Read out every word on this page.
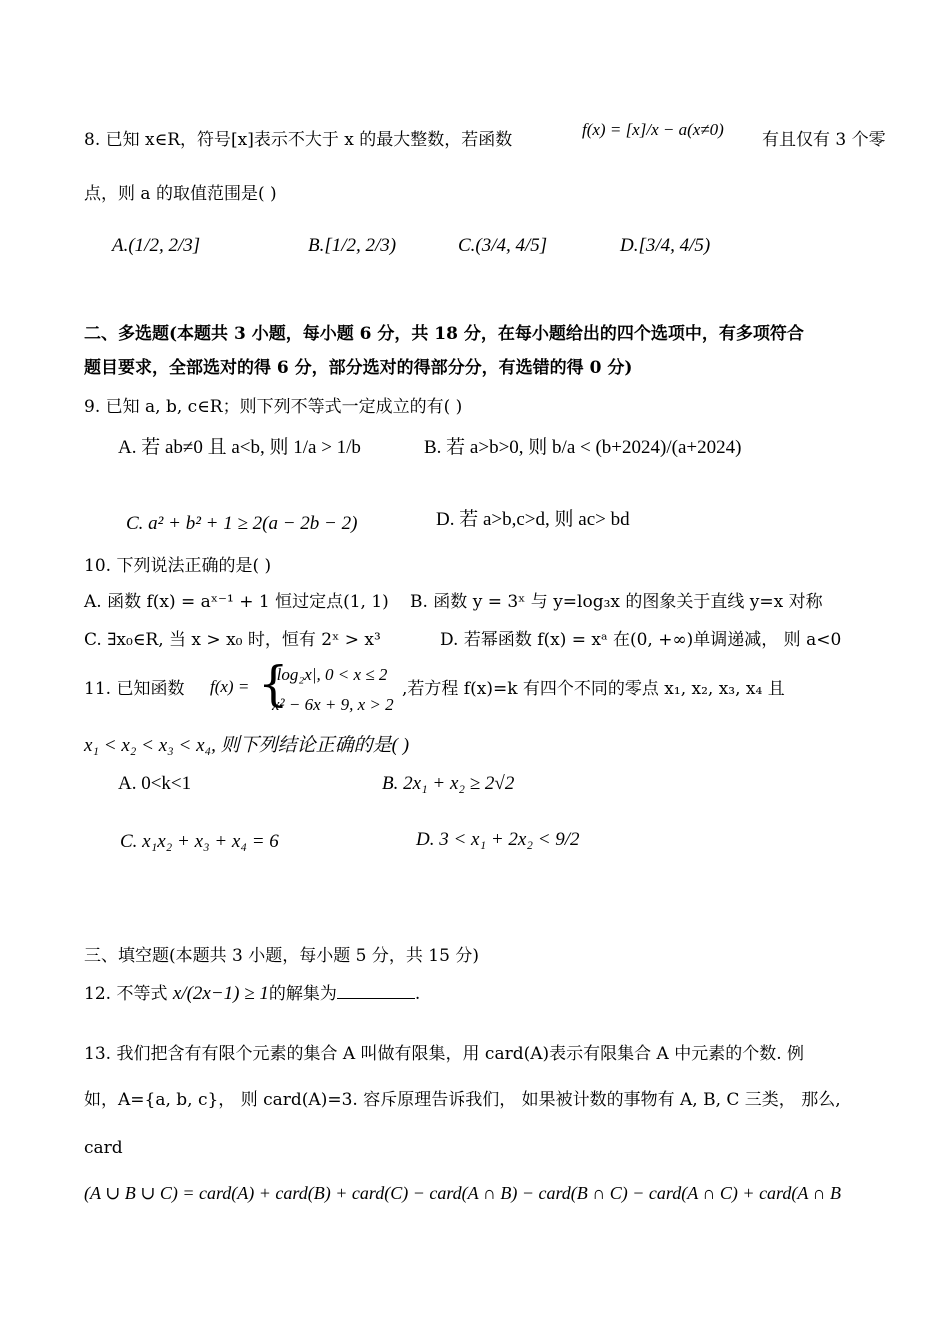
8. 已知 x∈R，符号[x]表示不大于 x 的最大整数，若函数
f(x) = [x]/x − a(x≠0)
有且仅有 3 个零
点，则 a 的取值范围是( )
A.(1/2, 2/3]	B.[1/2, 2/3)	C.(3/4, 4/5]	D.[3/4, 4/5)
二、多选题(本题共 3 小题，每小题 6 分，共 18 分，在每小题给出的四个选项中，有多项符合
题目要求，全部选对的得 6 分，部分选对的得部分分，有选错的得 0 分)
9. 已知 a, b, c∈R；则下列不等式一定成立的有( )
A. 若 ab≠0 且 a<b, 则 1/a > 1/b	B. 若 a>b>0, 则 b/a < (b+2024)/(a+2024)
C. a² + b² + 1 ≥ 2(a − 2b − 2)	D. 若 a>b,c>d, 则 ac> bd
10. 下列说法正确的是( )
A. 函数 f(x) = aˣ⁻¹ + 1 恒过定点(1, 1) B. 函数 y = 3ˣ 与 y=log₃x 的图象关于直线 y=x 对称
C. ∃x₀∈R, 当 x > x₀ 时，恒有 2ˣ > x³	D. 若幂函数 f(x) = xᵃ 在(0, +∞)单调递减， 则 a<0
11. 已知函数 f(x) = {
|log₂x|, 0 < x ≤ 2
x² − 6x + 9, x > 2
,若方程 f(x)=k 有四个不同的零点 x₁, x₂, x₃, x₄ 且
x₁ < x₂ < x₃ < x₄, 则下列结论正确的是( )
A. 0<k<1	B. 2x₁ + x₂ ≥ 2√2
C. x₁x₂ + x₃ + x₄ = 6	D. 3 < x₁ + 2x₂ < 9/2
三、填空题(本题共 3 小题，每小题 5 分，共 15 分)
12. 不等式 x/(2x−1) ≥ 1的解集为	.
13. 我们把含有有限个元素的集合 A 叫做有限集，用 card(A)表示有限集合 A 中元素的个数. 例
如，A={a, b, c}， 则 card(A)=3. 容斥原理告诉我们， 如果被计数的事物有 A, B, C 三类， 那么,
card
(A ∪ B ∪ C) = card(A) + card(B) + card(C) − card(A ∩ B) − card(B ∩ C) − card(A ∩ C) + card(A ∩ B
